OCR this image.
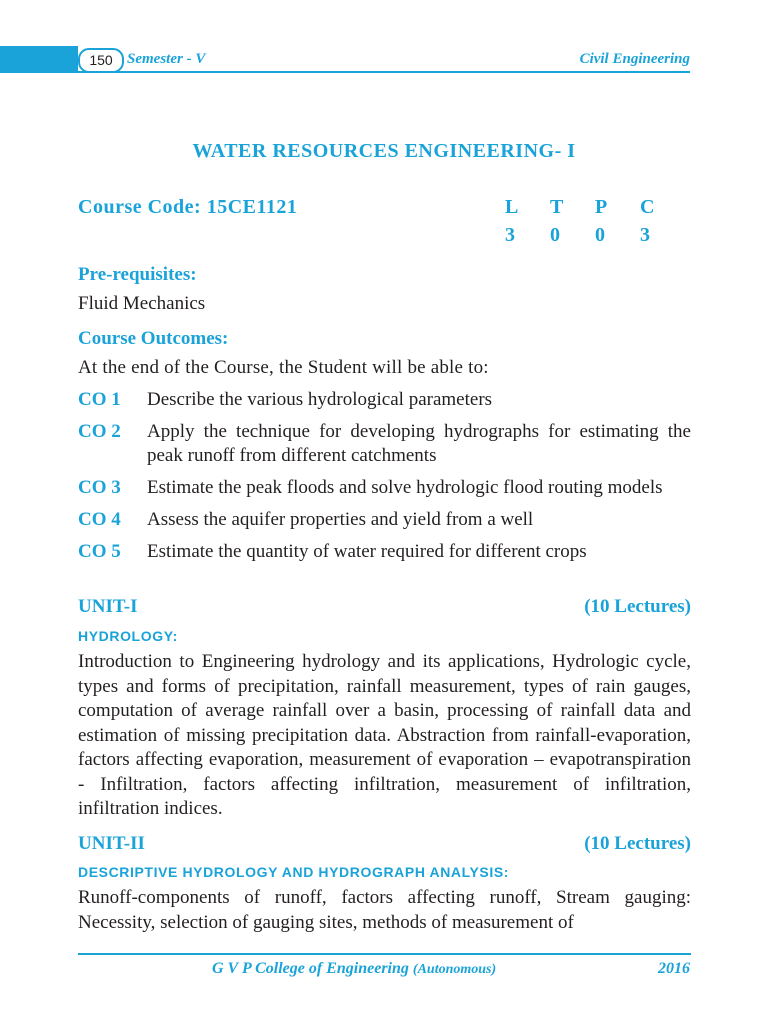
150 Semester - V	Civil Engineering
WATER RESOURCES ENGINEERING- I
Course Code: 15CE1121	L	T	P	C
3	0	0	3
Pre-requisites:
Fluid Mechanics
Course Outcomes:
At the end of the Course, the Student will be able to:
CO 1	Describe the various hydrological parameters
CO 2	Apply the technique for developing hydrographs for estimating the peak runoff from different catchments
CO 3	Estimate the peak floods and solve hydrologic flood routing models
CO 4	Assess the aquifer properties and yield from a well
CO 5	Estimate the quantity of water required for different crops
UNIT-I	(10 Lectures)
HYDROLOGY:
Introduction to Engineering hydrology and its applications, Hydrologic cycle, types and forms of precipitation, rainfall measurement, types of rain gauges, computation of average rainfall over a basin, processing of rainfall data and estimation of missing precipitation data. Abstraction from rainfall-evaporation, factors affecting evaporation, measurement of evaporation – evapotranspiration - Infiltration, factors affecting infiltration, measurement of infiltration, infiltration indices.
UNIT-II	(10 Lectures)
DESCRIPTIVE HYDROLOGY AND HYDROGRAPH ANALYSIS:
Runoff-components of runoff, factors affecting runoff, Stream gauging: Necessity, selection of gauging sites, methods of measurement of
G V P College of Engineering (Autonomous)	2016
